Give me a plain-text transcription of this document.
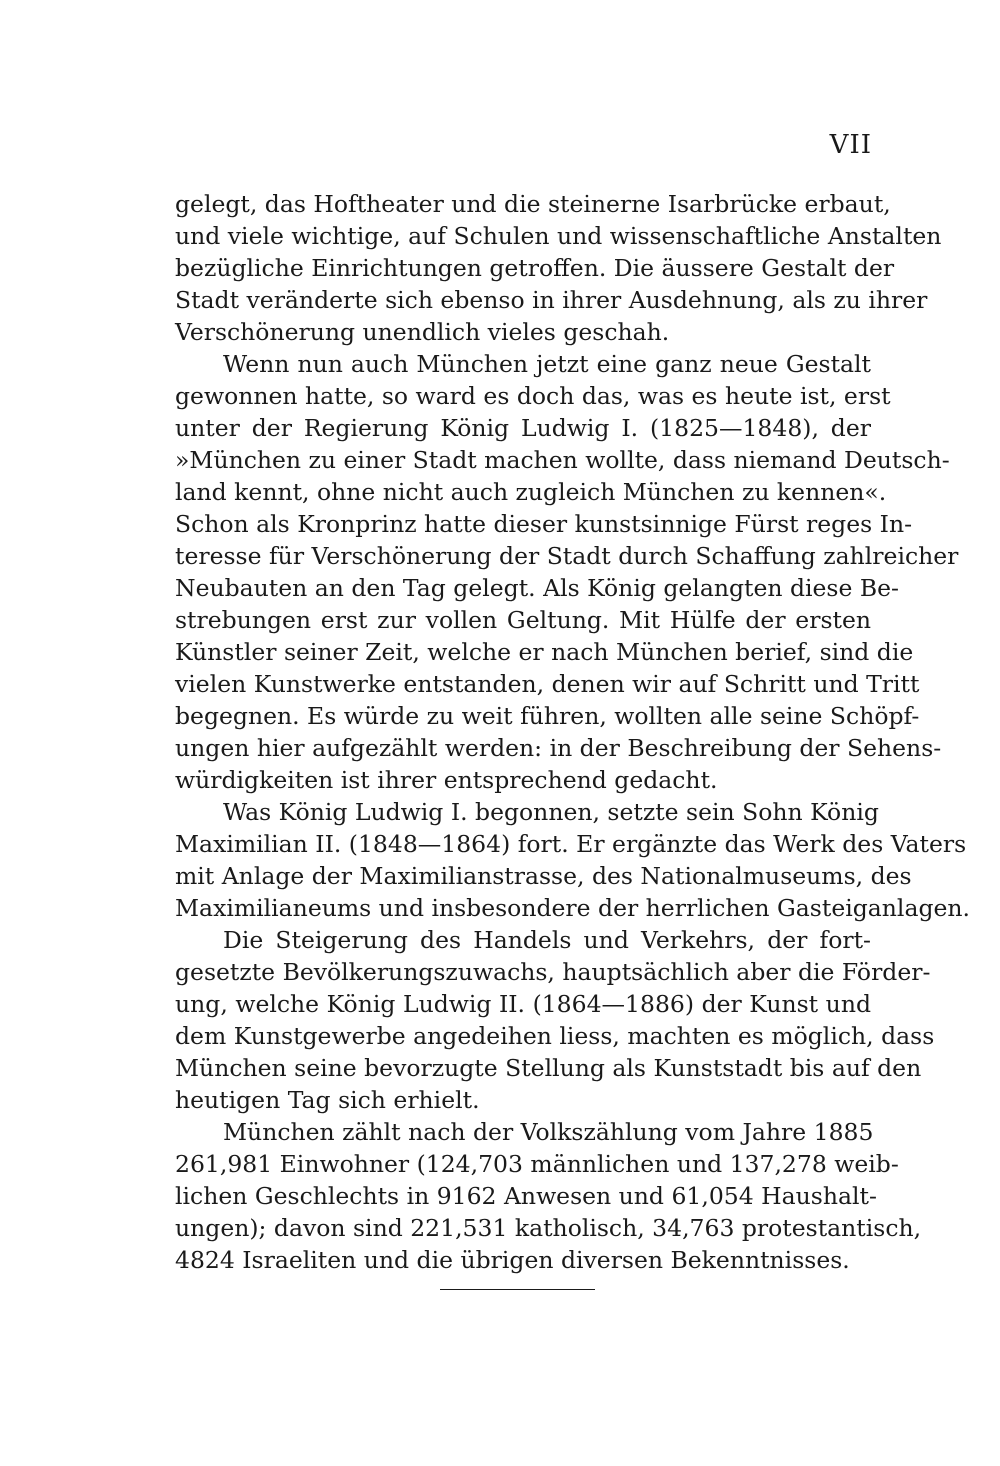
VII
gelegt, das Hoftheater und die steinerne Isarbrücke erbaut,
und viele wichtige, auf Schulen und wissenschaftliche Anstalten
bezügliche Einrichtungen getroffen. Die äussere Gestalt der
Stadt veränderte sich ebenso in ihrer Ausdehnung, als zu ihrer
Verschönerung unendlich vieles geschah.
Wenn nun auch München jetzt eine ganz neue Gestalt
gewonnen hatte, so ward es doch das, was es heute ist, erst
unter der Regierung König Ludwig I. (1825—1848), der
»München zu einer Stadt machen wollte, dass niemand Deutsch-
land kennt, ohne nicht auch zugleich München zu kennen«.
Schon als Kronprinz hatte dieser kunstsinnige Fürst reges In-
teresse für Verschönerung der Stadt durch Schaffung zahlreicher
Neubauten an den Tag gelegt. Als König gelangten diese Be-
strebungen erst zur vollen Geltung. Mit Hülfe der ersten
Künstler seiner Zeit, welche er nach München berief, sind die
vielen Kunstwerke entstanden, denen wir auf Schritt und Tritt
begegnen. Es würde zu weit führen, wollten alle seine Schöpf-
ungen hier aufgezählt werden: in der Beschreibung der Sehens-
würdigkeiten ist ihrer entsprechend gedacht.
Was König Ludwig I. begonnen, setzte sein Sohn König
Maximilian II. (1848—1864) fort. Er ergänzte das Werk des Vaters
mit Anlage der Maximilianstrasse, des Nationalmuseums, des
Maximilianeums und insbesondere der herrlichen Gasteiganlagen.
Die Steigerung des Handels und Verkehrs, der fort-
gesetzte Bevölkerungszuwachs, hauptsächlich aber die Förder-
ung, welche König Ludwig II. (1864—1886) der Kunst und
dem Kunstgewerbe angedeihen liess, machten es möglich, dass
München seine bevorzugte Stellung als Kunststadt bis auf den
heutigen Tag sich erhielt.
München zählt nach der Volkszählung vom Jahre 1885
261,981 Einwohner (124,703 männlichen und 137,278 weib-
lichen Geschlechts in 9162 Anwesen und 61,054 Haushalt-
ungen); davon sind 221,531 katholisch, 34,763 protestantisch,
4824 Israeliten und die übrigen diversen Bekenntnisses.
